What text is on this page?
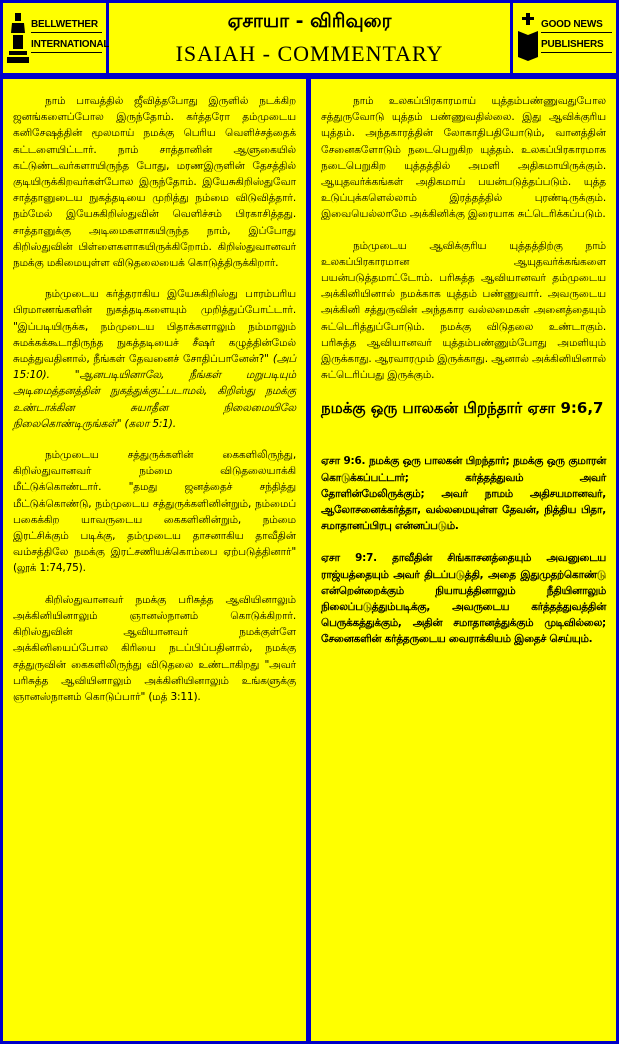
BELLWETHER
INTERNATIONAL
ஏசாயா - விரிவுரை
ISAIAH - COMMENTARY
GOOD NEWS
PUBLISHERS

நாம் பாவத்தில் ஜீவித்தபோது இருளில் நடக்கிற ஜனங்களைப்போல இருந்தோம். கர்த்தரோ தம்முடைய கனிசேஷத்தின் மூலமாய் நமக்கு பெரிய வெளிச்சத்தைக் கட்டளையிட்டார். நாம் சாத்தானின் ஆளுகையில் கட்டுண்டவர்களாயிருந்த போது, மரணஇருளின் தேசத்தில் குடியிருக்கிறவர்கள்போல இருந்தோம். இயேசுகிறிஸ்துவோ சாத்தானுடைய நுகத்தடியை முறித்து நம்மை விடுவித்தார். நம்மேல் இயேசுகிறிஸ்துவின் வெளிச்சம் பிரகாசித்தது. சாத்தானுக்கு அடிமைகளாகயிருந்த நாம், இப்போது கிறிஸ்துவின் பிள்ளைகளாகயிருக்கிறோம். கிறிஸ்துவானவர் நமக்கு மகிமையுள்ள விடுதலையைக் கொடுத்திருக்கிறார்.

நம்முடைய கர்த்தராகிய இயேசுகிறிஸ்து பாரம்பரிய பிரமாணங்களின் நுகத்தடிகளையும் முறித்துப்போட்டார். "இப்படியிருக்க, நம்முடைய பிதாக்களாலும் நம்மாலும் சுமக்கக்கூடாதிருந்த நுகத்தடியைச் சீஷர் கழுத்தின்மேல் சுமத்துவதினால், நீங்கள் தேவனைச் சோதிப்பானேன்?" (அப் 15:10). "ஆனபடியினாலே, நீங்கள் மறுபடியும் அடிமைத்தனத்தின் நுகத்துக்குட்படாமல், கிறிஸ்து நமக்கு உண்டாக்கின சுயாதீன நிலைமையிலே நிலைகொண்டிருங்கள்" (கலா 5:1).

நம்முடைய சத்துருக்களின் கைகளிலிருந்து, கிறிஸ்துவானவர் நம்மை விடுதலையாக்கி மீட்டுக்கொண்டார். "தமது ஜனத்தைச் சந்தித்து மீட்டுக்கொண்டு, நம்முடைய சத்துருக்களினின்றும், நம்மைப் பகைக்கிற யாவருடைய கைகளினின்றும், நம்மை இரட்சிக்கும் படிக்கு, தம்முடைய தாசனாகிய தாவீதின் வம்சத்திலே நமக்கு இரட்சணியக்கொம்பை ஏற்படுத்தினார்" (லூக் 1:74,75).

கிறிஸ்துவானவர் நமக்கு பரிசுத்த ஆவியினாலும் அக்கினியினாலும் ஞானஸ்நானம் கொடுக்கிறார். கிறிஸ்துவின் ஆவியானவர் நமக்குள்ளே அக்கினியைப்போல கிரியை நடப்பிப்பதினால், நமக்கு சத்துருவின் கைகளிலிருந்து விடுதலை உண்டாகிறது "அவர் பரிசுத்த ஆவியினாலும் அக்கினியினாலும் உங்களுக்கு ஞானஸ்நானம் கொடுப்பார்" (மத் 3:11).

நாம் உலகப்பிரகாரமாய் யுத்தம்பண்ணுவதுபோல சத்துருவோடு யுத்தம் பண்ணுவதில்லை. இது ஆவிக்குரிய யுத்தம். அந்தகாரத்தின் லோகாதிபதியோடும், வானத்தின் சேனைகளோடும் நடைபெறுகிற யுத்தம். உலகப்பிரகாரமாக நடைபெறுகிற யுத்தத்தில் அமளி அதிகமாயிருக்கும். ஆயுதவர்க்கங்கள் அதிகமாய் பயன்படுத்தப்படும். யுத்த உடுப்புக்களெல்லாம் இரத்தத்தில் புரண்டிருக்கும். இவையெல்லாமே அக்கினிக்கு இரையாக சுட்டெரிக்கப்படும்.

நம்முடைய ஆவிக்குரிய யுத்தத்திற்கு நாம் உலகப்பிரகாரமான ஆயுதவர்க்கங்களை பயன்படுத்தமாட்டோம். பரிசுத்த ஆவியானவர் தம்முடைய அக்கினியினால் நமக்காக யுத்தம் பண்ணுவார். அவருடைய அக்கினி சத்துருவின் அந்தகார வல்லமைகள் அனைத்தையும் சுட்டெரித்துப்போடும். நமக்கு விடுதலை உண்டாகும். பரிசுத்த ஆவியானவர் யுத்தம்பண்ணும்போது அமளியும் இருக்காது. ஆரவாரமும் இருக்காது. ஆனால் அக்கினியினால் சுட்டெரிப்பது இருக்கும்.

நமக்கு ஒரு பாலகன் பிறந்தார் ஏசா 9:6,7

ஏசா 9:6. நமக்கு ஒரு பாலகன் பிறந்தார்; நமக்கு ஒரு குமாரன் கொடுக்கப்பட்டார்; கர்த்தத்துவம் அவர் தோளின்மேலிருக்கும்; அவர் நாமம் அதிசயமானவர், ஆலோசனைக்கர்த்தா, வல்லமையுள்ள தேவன், நித்திய பிதா, சமாதானப்பிரபு என்னப்படும்.

ஏசா 9:7. தாவீதின் சிங்காசனத்தையும் அவனுடைய ராஜ்யத்தையும் அவர் திடப்படுத்தி, அதை இதுமுதற்கொண்டு என்றென்றைக்கும் நியாயத்தினாலும் நீதியினாலும் நிலைப்படுத்தும்படிக்கு, அவருடைய கர்த்தத்துவத்தின் பெருக்கத்துக்கும், அதின் சமாதானத்துக்கும் முடிவில்லை; சேனைகளின் கர்த்தருடைய வைராக்கியம் இதைச் செய்யும்.
